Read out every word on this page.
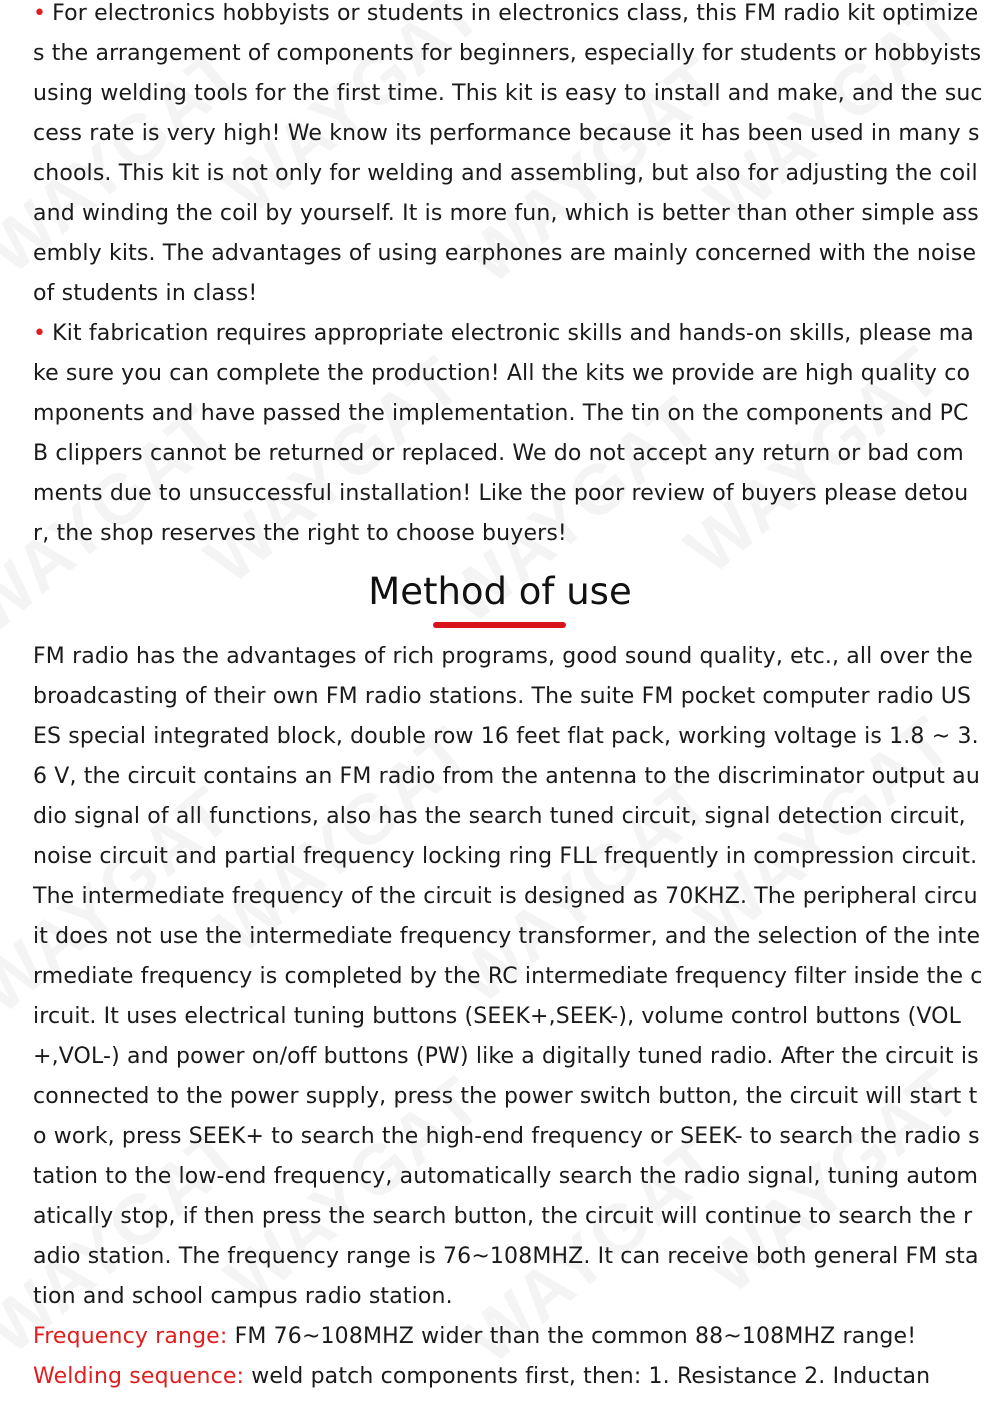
• For electronics hobbyists or students in electronics class, this FM radio kit optimizes the arrangement of components for beginners, especially for students or hobbyists using welding tools for the first time. This kit is easy to install and make, and the success rate is very high! We know its performance because it has been used in many schools. This kit is not only for welding and assembling, but also for adjusting the coil and winding the coil by yourself. It is more fun, which is better than other simple assembly kits. The advantages of using earphones are mainly concerned with the noise of students in class!

• Kit fabrication requires appropriate electronic skills and hands-on skills, please make sure you can complete the production! All the kits we provide are high quality components and have passed the implementation. The tin on the components and PCB clippers cannot be returned or replaced. We do not accept any return or bad comments due to unsuccessful installation! Like the poor review of buyers please detour, the shop reserves the right to choose buyers!

Method of use

FM radio has the advantages of rich programs, good sound quality, etc., all over the broadcasting of their own FM radio stations. The suite FM pocket computer radio USES special integrated block, double row 16 feet flat pack, working voltage is 1.8 ~ 3.6 V, the circuit contains an FM radio from the antenna to the discriminator output audio signal of all functions, also has the search tuned circuit, signal detection circuit, noise circuit and partial frequency locking ring FLL frequently in compression circuit. The intermediate frequency of the circuit is designed as 70KHZ. The peripheral circuit does not use the intermediate frequency transformer, and the selection of the intermediate frequency is completed by the RC intermediate frequency filter inside the circuit. It uses electrical tuning buttons (SEEK+,SEEK-), volume control buttons (VOL+,VOL-) and power on/off buttons (PW) like a digitally tuned radio. After the circuit is connected to the power supply, press the power switch button, the circuit will start to work, press SEEK+ to search the high-end frequency or SEEK- to search the radio station to the low-end frequency, automatically search the radio signal, tuning automatically stop, if then press the search button, the circuit will continue to search the radio station. The frequency range is 76~108MHZ. It can receive both general FM station and school campus radio station.
Frequency range: FM 76~108MHZ wider than the common 88~108MHZ range!
Welding sequence: weld patch components first, then: 1. Resistance 2. Inductan
